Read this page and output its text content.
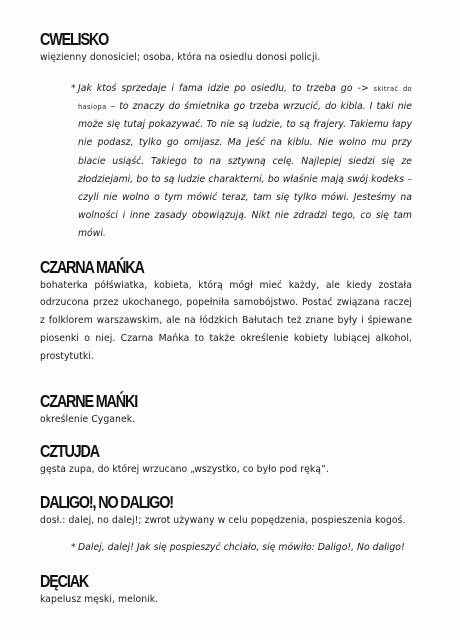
CWELISKO

więzienny donosiciel; osoba, która na osiedlu donosi policji.

* Jak ktoś sprzedaje i fama idzie po osiedlu, to trzeba go -> skitrać do hasiopa – to znaczy do śmietnika go trzeba wrzucić, do kibla. I taki nie może się tutaj pokazywać. To nie są ludzie, to są frajery. Takiemu łapy nie podasz, tylko go omijasz. Ma jeść na kiblu. Nie wolno mu przy blacie usiąść. Takiego to na sztywną celę. Najlepiej siedzi się ze złodziejami, bo to są ludzie charakterni, bo właśnie mają swój kodeks – czyli nie wolno o tym mówić teraz, tam się tylko mówi. Jesteśmy na wolności i inne zasady obowiązują. Nikt nie zdradzi tego, co się tam mówi.

CZARNA MAŃKA

bohaterka półświatka, kobieta, którą mógł mieć każdy, ale kiedy została odrzucona przez ukochanego, popełniła samobójstwo. Postać związana raczej z folklorem warszawskim, ale na łódzkich Bałutach też znane były i śpiewane piosenki o niej. Czarna Mańka to także określenie kobiety lubiącej alkohol, prostytutki.

CZARNE MAŃKI

określenie Cyganek.

CZTUJDA

gęsta zupa, do której wrzucano „wszystko, co było pod ręką”.

DALIGO!, NO DALIGO!

dosł.: dalej, no dalej!; zwrot używany w celu popędzenia, pospieszenia kogoś.

* Dalej, dalej! Jak się pospieszyć chciało, się mówiło: Daligo!, No daligo!

DĘCIAK

kapelusz męski, melonik.
